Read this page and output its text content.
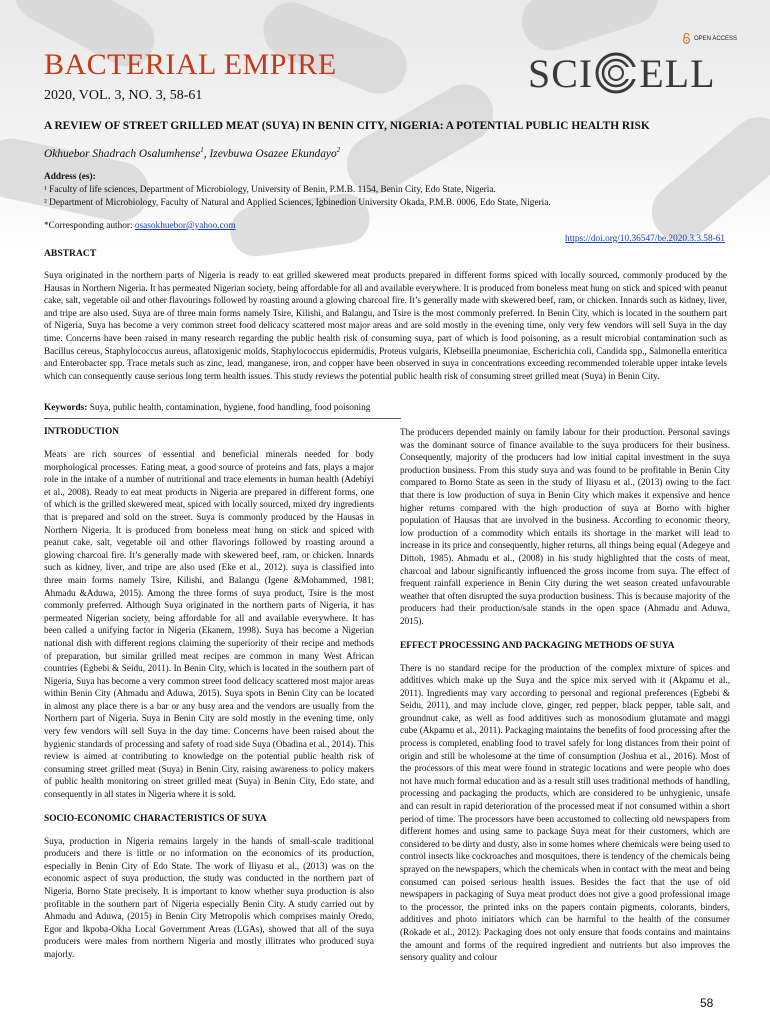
BACTERIAL EMPIRE
2020, VOL. 3, NO. 3, 58-61
OPEN ACCESS
SCI ELL
A REVIEW OF STREET GRILLED MEAT (SUYA) IN BENIN CITY, NIGERIA: A POTENTIAL PUBLIC HEALTH RISK
Okhuebor Shadrach Osalumhense$^1$, Izevbuwa Osazee Ekundayo$^2$
Address (es):
¹ Faculty of life sciences, Department of Microbiology, University of Benin, P.M.B. 1154, Benin City, Edo State, Nigeria.
² Department of Microbiology, Faculty of Natural and Applied Sciences, Igbinedion University Okada, P.M.B. 0006, Edo State, Nigeria.
*Corresponding author: osasokhuebor@yahoo.com
https://doi.org/10.36547/be.2020.3.3.58-61
ABSTRACT

Suya originated in the northern parts of Nigeria is ready to eat grilled skewered meat products prepared in different forms spiced with locally sourced, commonly produced by the Hausas in Northern Nigeria. It has permeated Nigerian society, being affordable for all and available everywhere. It is produced from boneless meat hung on stick and spiced with peanut cake, salt, vegetable oil and other flavourings followed by roasting around a glowing charcoal fire. It’s generally made with skewered beef, ram, or chicken. Innards such as kidney, liver, and tripe are also used. Suya are of three main forms namely Tsire, Kilishi, and Balangu, and Tsire is the most commonly preferred. In Benin City, which is located in the southern part of Nigeria, Suya has become a very common street food delicacy scattered most major areas and are sold mostly in the evening time, only very few vendors will sell Suya in the day time. Concerns have been raised in many research regarding the public health risk of consuming suya, part of which is food poisoning, as a result microbial contamination such as Bacillus cereus, Staphylococcus aureus, aflatoxigenic molds, Staphylococcus epidermidis, Proteus vulgaris, Klebseilla pneumoniae, Escherichia coli, Candida spp., Salmonella enteritica and Enterobacter spp. Trace metals such as zinc, lead, manganese, iron, and copper have been observed in suya in concentrations exceeding recommended tolerable upper intake levels which can consequently cause serious long term health issues. This study reviews the potential public health risk of consuming street grilled meat (Suya) in Benin City.

Keywords: Suya, public health, contamination, hygiene, food handling, food poisoning
INTRODUCTION

Meats are rich sources of essential and beneficial minerals needed for body morphological processes. Eating meat, a good source of proteins and fats, plays a major role in the intake of a number of nutritional and trace elements in human health (Adebiyi et al., 2008). Ready to eat meat products in Nigeria are prepared in different forms, one of which is the grilled skewered meat, spiced with locally sourced, mixed dry ingredients that is prepared and sold on the street. Suya is commonly produced by the Hausas in Northern Nigeria. It is produced from boneless meat hung on stick and spiced with peanut cake, salt, vegetable oil and other flavorings followed by roasting around a glowing charcoal fire. It’s generally made with skewered beef, ram, or chicken. Innards such as kidney, liver, and tripe are also used (Eke et al., 2012). suya is classified into three main forms namely Tsire, Kilishi, and Balangu (Igene &Mohammed, 1981; Ahmadu &Aduwa, 2015). Among the three forms of suya product, Tsire is the most commonly preferred. Although Suya originated in the northern parts of Nigeria, it has permeated Nigerian society, being affordable for all and available everywhere. It has been called a unifying factor in Nigeria (Ekanem, 1998). Suya has become a Nigerian national dish with different regions claiming the superiority of their recipe and methods of preparation, but similar grilled meat recipes are common in many West African countries (Egbebi & Seidu, 2011). In Benin City, which is located in the southern part of Nigeria, Suya has become a very common street food delicacy scattered most major areas within Benin City (Ahmadu and Aduwa, 2015). Suya spots in Benin City can be located in almost any place there is a bar or any busy area and the vendors are usually from the Northern part of Nigeria. Suya in Benin City are sold mostly in the evening time, only very few vendors will sell Suya in the day time. Concerns have been raised about the hygienic standards of processing and safety of road side Suya (Obadina et al., 2014). This review is aimed at contributing to knowledge on the potential public health risk of consuming street grilled meat (Suya) in Benin City, raising awareness to policy makers of public health monitoring on street grilled meat (Suya) in Benin City, Edo state, and consequently in all states in Nigeria where it is sold.

SOCIO-ECONOMIC CHARACTERISTICS OF SUYA

Suya, production in Nigeria remains largely in the hands of small-scale traditional producers and there is little or no information on the economics of its production, especially in Benin City of Edo State. The work of Iliyasu et al., (2013) was on the economic aspect of suya production, the study was conducted in the northern part of Nigeria, Borno State precisely. It is important to know whether suya production is also profitable in the southern part of Nigeria especially Benin City. A study carried out by Ahmadu and Aduwa, (2015) in Benin City Metropolis which comprises mainly Oredo, Egor and Ikpoba-Okha Local Government Areas (LGAs), showed that all of the suya producers were males from northern Nigeria and mostly illitrates who produced suya majorly.

The producers depended mainly on family labour for their production. Personal savings was the dominant source of finance available to the suya producers for their business. Consequently, majority of the producers had low initial capital investment in the suya production business. From this study suya and was found to be profitable in Benin City compared to Borno State as seen in the study of Iliyasu et al., (2013) owing to the fact that there is low production of suya in Benin City which makes it expensive and hence higher returns compared with the high production of suya at Borno with higher population of Hausas that are involved in the business. According to economic theory, low production of a commodity which entails its shortage in the market will lead to increase in its price and consequently, higher returns, all things being equal (Adegeye and Dittoh, 1985). Ahmadu et al., (2008) in his study highlighted that the costs of meat, charcoal and labour significantly influenced the gross income from suya. The effect of frequent rainfall experience in Benin City during the wet season created unfavourable weather that often disrupted the suya production business. This is because majority of the producers had their production/sale stands in the open space (Ahmadu and Aduwa, 2015).

EFFECT PROCESSING AND PACKAGING METHODS OF SUYA

There is no standard recipe for the production of the complex mixture of spices and additives which make up the Suya and the spice mix served with it (Akpamu et al., 2011). Ingredients may vary according to personal and regional preferences (Egbebi & Seidu, 2011), and may include clove, ginger, red pepper, black pepper, table salt, and groundnut cake, as well as food additives such as monosodium glutamate and maggi cube (Akpamu et al., 2011). Packaging maintains the benefits of food processing after the process is completed, enabling food to travel safely for long distances from their point of origin and still be wholesome at the time of consumption (Joshua et al., 2016). Most of the processors of this meat were found in strategic locations and were people who does not have much formal education and as a result still uses traditional methods of handling, processing and packaging the products, which are considered to be unhygienic, unsafe and can result in rapid deterioration of the processed meat if not consumed within a short period of time. The processors have been accustomed to collecting old newspapers from different homes and using same to package Suya meat for their customers, which are considered to be dirty and dusty, also in some homes where chemicals were being used to control insects like cockroaches and mosquitoes, there is tendency of the chemicals being sprayed on the newspapers, which the chemicals when in contact with the meat and being consumed can poised serious health issues. Besides the fact that the use of old newspapers in packaging of Suya meat product does not give a good professional image to the processor, the printed inks on the papers contain pigments, colorants, binders, additives and photo initiators which can be harmful to the health of the consumer (Rokade et al., 2012). Packaging does not only ensure that foods contains and maintains the amount and forms of the required ingredient and nutrients but also improves the sensory quality and colour

58
